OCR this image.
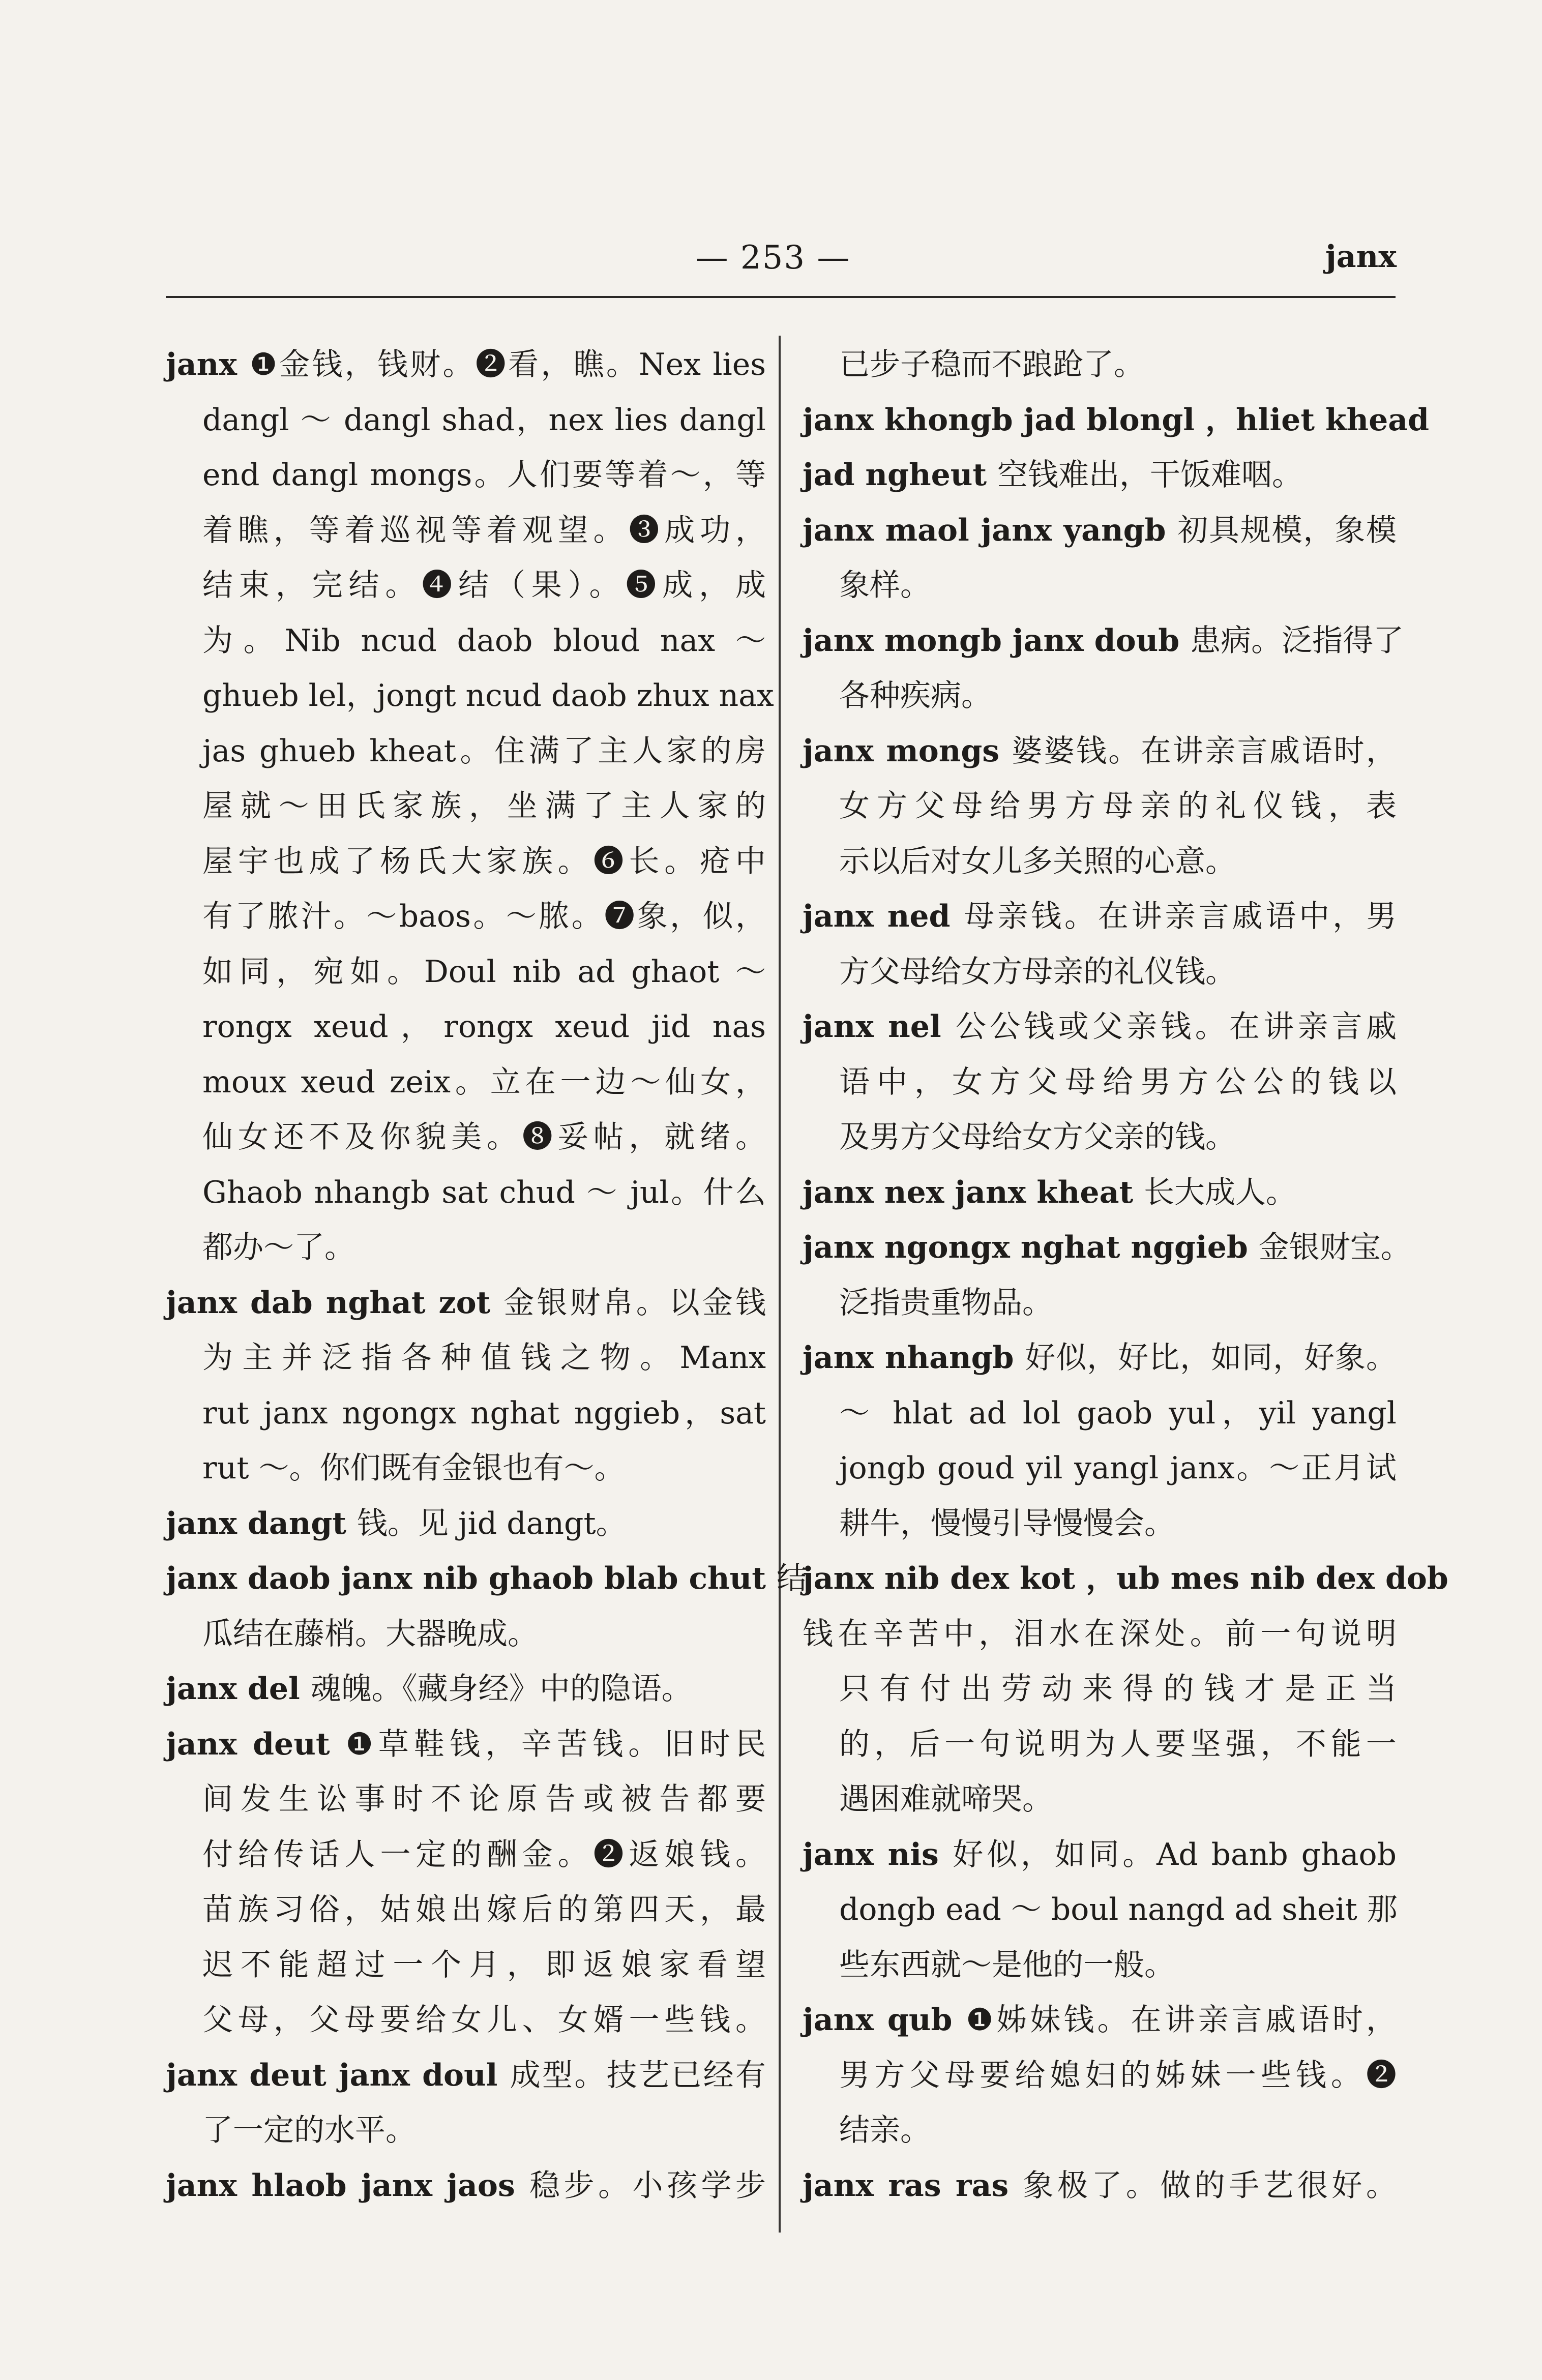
— 253 —	janx
janx ❶金钱，钱财。❷看，瞧。Nex lies
dangl ～ dangl shad，nex lies dangl
end dangl mongs。人们要等着～，等
着瞧，等着巡视等着观望。❸成功，
结束，完结。❹结（果）。❺成，成
为。Nib ncud daob bloud nax ～
ghueb lel，jongt ncud daob zhux nax
jas ghueb kheat。住满了主人家的房
屋就～田氏家族，坐满了主人家的
屋宇也成了杨氏大家族。❻长。疮中
有了脓汁。～baos。～脓。❼象，似，
如同，宛如。Doul nib ad ghaot ～
rongx xeud，rongx xeud jid nas
moux xeud zeix。立在一边～仙女，
仙女还不及你貌美。❽妥帖，就绪。
Ghaob nhangb sat chud ～ jul。什么
都办～了。
janx dab nghat zot 金银财帛。以金钱
为主并泛指各种值钱之物。Manx
rut janx ngongx nghat nggieb，sat
rut ～。你们既有金银也有～。
janx dangt 钱。见 jid dangt。
janx daob janx nib ghaob blab chut 结
瓜结在藤梢。大器晚成。
janx del 魂魄。《藏身经》中的隐语。
janx deut ❶草鞋钱，辛苦钱。旧时民
间发生讼事时不论原告或被告都要
付给传话人一定的酬金。❷返娘钱。
苗族习俗，姑娘出嫁后的第四天，最
迟不能超过一个月，即返娘家看望
父母，父母要给女儿、女婿一些钱。
janx deut janx doul 成型。技艺已经有
了一定的水平。
janx hlaob janx jaos 稳步。小孩学步
已步子稳而不踉跄了。
janx khongb jad blongl ，hliet khead
jad ngheut 空钱难出，干饭难咽。
janx maol janx yangb 初具规模，象模
象样。
janx mongb janx doub 患病。泛指得了
各种疾病。
janx mongs 婆婆钱。在讲亲言戚语时，
女方父母给男方母亲的礼仪钱，表
示以后对女儿多关照的心意。
janx ned 母亲钱。在讲亲言戚语中，男
方父母给女方母亲的礼仪钱。
janx nel 公公钱或父亲钱。在讲亲言戚
语中，女方父母给男方公公的钱以
及男方父母给女方父亲的钱。
janx nex janx kheat 长大成人。
janx ngongx nghat nggieb 金银财宝。
泛指贵重物品。
janx nhangb 好似，好比，如同，好象。
～ hlat ad lol gaob yul，yil yangl
jongb goud yil yangl janx。～正月试
耕牛，慢慢引导慢慢会。
janx nib dex kot ，ub mes nib dex dob
钱在辛苦中，泪水在深处。前一句说明
只有付出劳动来得的钱才是正当
的，后一句说明为人要坚强，不能一
遇困难就啼哭。
janx nis 好似，如同。Ad banb ghaob
dongb ead ～ boul nangd ad sheit 那
些东西就～是他的一般。
janx qub ❶姊妹钱。在讲亲言戚语时，
男方父母要给媳妇的姊妹一些钱。❷
结亲。
janx ras ras 象极了。做的手艺很好。
